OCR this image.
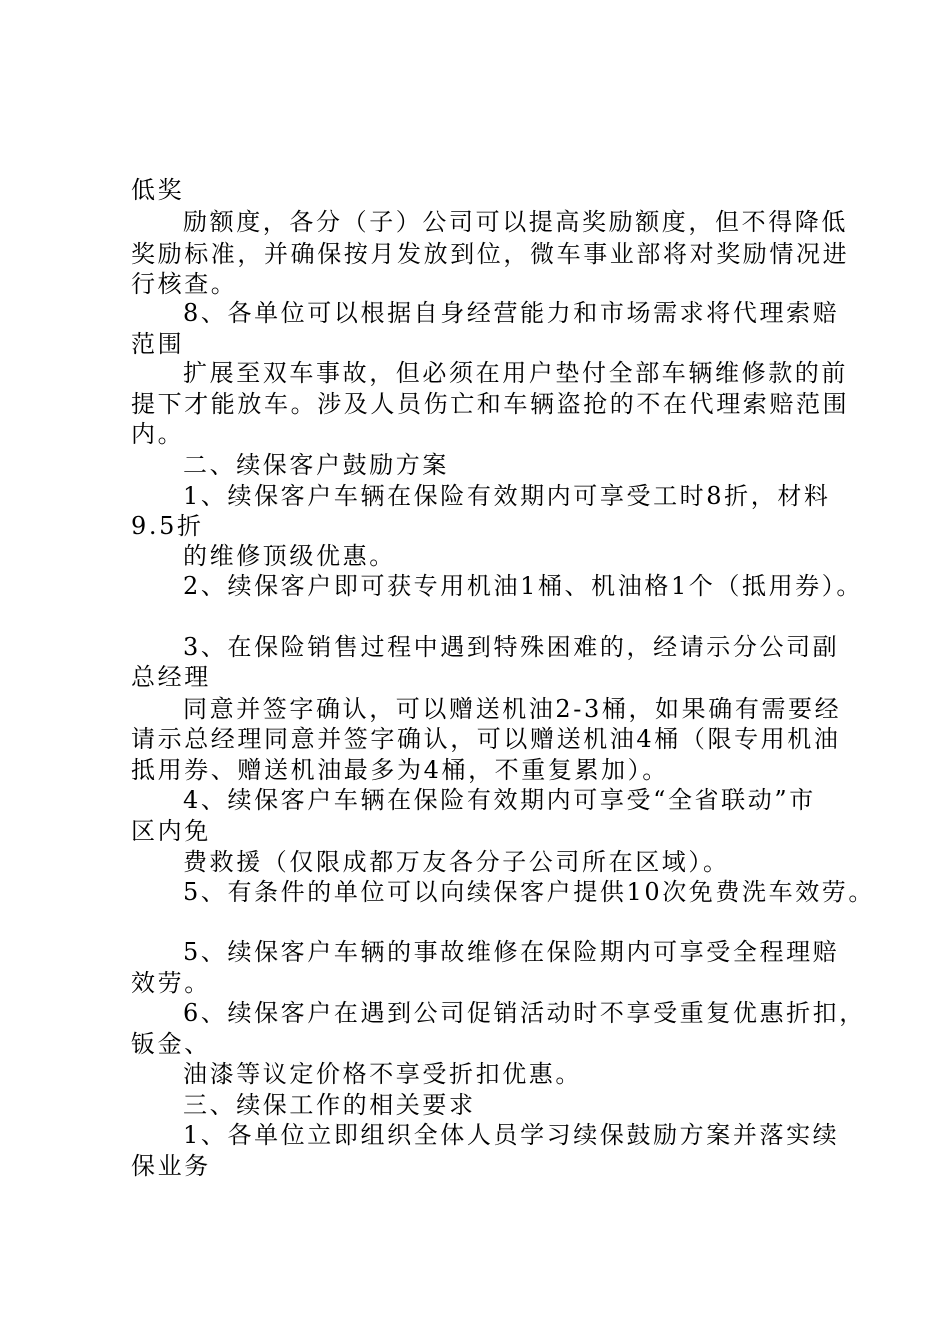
低奖
励额度，各分（子）公司可以提高奖励额度，但不得降低
奖励标准，并确保按月发放到位，微车事业部将对奖励情况进
行核查。
8、各单位可以根据自身经营能力和市场需求将代理索赔
范围
扩展至双车事故，但必须在用户垫付全部车辆维修款的前
提下才能放车。涉及人员伤亡和车辆盗抢的不在代理索赔范围
内。
二、续保客户鼓励方案
1、续保客户车辆在保险有效期内可享受工时8折，材料
9.5折
的维修顶级优惠。
2、续保客户即可获专用机油1桶、机油格1个（抵用券）。
3、在保险销售过程中遇到特殊困难的，经请示分公司副
总经理
同意并签字确认，可以赠送机油2-3桶，如果确有需要经
请示总经理同意并签字确认，可以赠送机油4桶（限专用机油
抵用券、赠送机油最多为4桶，不重复累加）。
4、续保客户车辆在保险有效期内可享受“全省联动”市
区内免
费救援（仅限成都万友各分子公司所在区域）。
5、有条件的单位可以向续保客户提供10次免费洗车效劳。
5、续保客户车辆的事故维修在保险期内可享受全程理赔
效劳。
6、续保客户在遇到公司促销活动时不享受重复优惠折扣，
钣金、
油漆等议定价格不享受折扣优惠。
三、续保工作的相关要求
1、各单位立即组织全体人员学习续保鼓励方案并落实续
保业务
